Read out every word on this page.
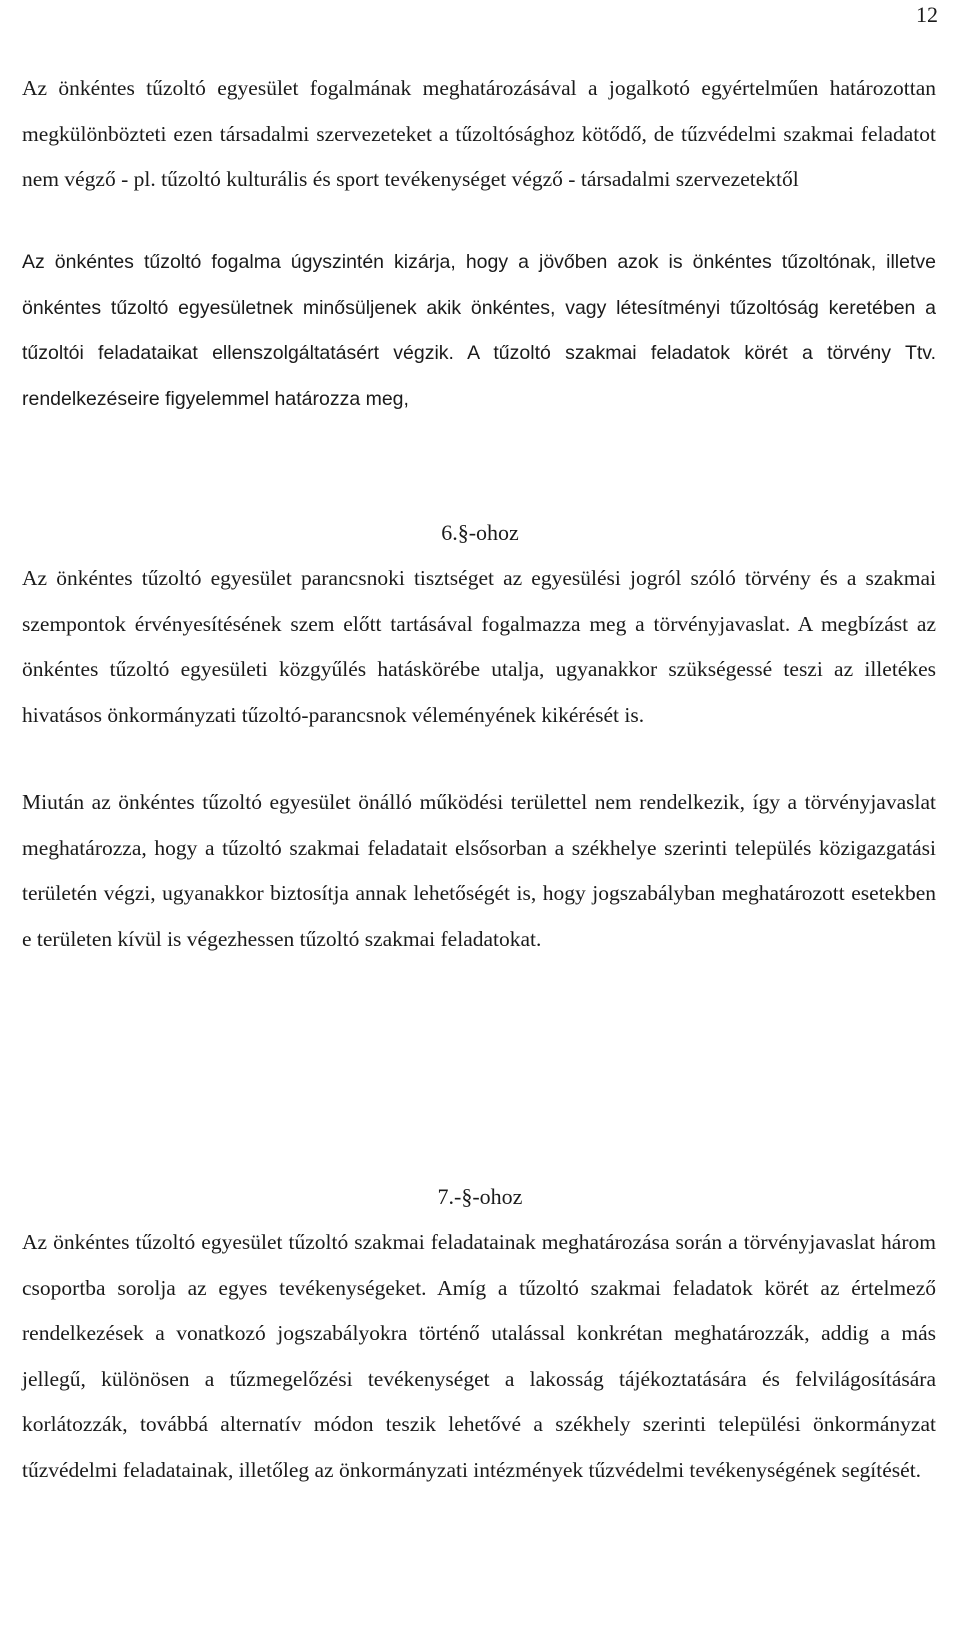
12

Az önkéntes tűzoltó egyesület fogalmának meghatározásával a jogalkotó egyértelműen határozottan megkülönbözteti ezen társadalmi szervezeteket a tűzoltósághoz kötődő, de tűzvédelmi szakmai feladatot nem végző - pl. tűzoltó kulturális és sport tevékenységet végző - társadalmi szervezetektől

Az önkéntes tűzoltó fogalma úgyszintén kizárja, hogy a jövőben azok is önkéntes tűzoltónak, illetve önkéntes tűzoltó egyesületnek minősüljenek akik önkéntes, vagy létesítményi tűzoltóság keretében a tűzoltói feladataikat ellenszolgáltatásért végzik. A tűzoltó szakmai feladatok körét a törvény Ttv. rendelkezéseire figyelemmel határozza meg,

6.§-ohoz

Az önkéntes tűzoltó egyesület parancsnoki tisztséget az egyesülési jogról szóló törvény és a szakmai szempontok érvényesítésének szem előtt tartásával fogalmazza meg a törvényjavaslat. A megbízást az önkéntes tűzoltó egyesületi közgyűlés hatáskörébe utalja, ugyanakkor szükségessé teszi az illetékes hivatásos önkormányzati tűzoltó-parancsnok véleményének kikérését is.

Miután az önkéntes tűzoltó egyesület önálló működési területtel nem rendelkezik, így a törvényjavaslat meghatározza, hogy a tűzoltó szakmai feladatait elsősorban a székhelye szerinti település közigazgatási területén végzi, ugyanakkor biztosítja annak lehetőségét is, hogy jogszabályban meghatározott esetekben e területen kívül is végezhessen tűzoltó szakmai feladatokat.

7.-§-ohoz

Az önkéntes tűzoltó egyesület tűzoltó szakmai feladatainak meghatározása során a törvényjavaslat három csoportba sorolja az egyes tevékenységeket. Amíg a tűzoltó szakmai feladatok körét az értelmező rendelkezések a vonatkozó jogszabályokra történő utalással konkrétan meghatározzák, addig a más jellegű, különösen a tűzmegelőzési tevékenységet a lakosság tájékoztatására és felvilágosítására korlátozzák, továbbá alternatív módon teszik lehetővé a székhely szerinti települési önkormányzat tűzvédelmi feladatainak, illetőleg az önkormányzati intézmények tűzvédelmi tevékenységének segítését.
